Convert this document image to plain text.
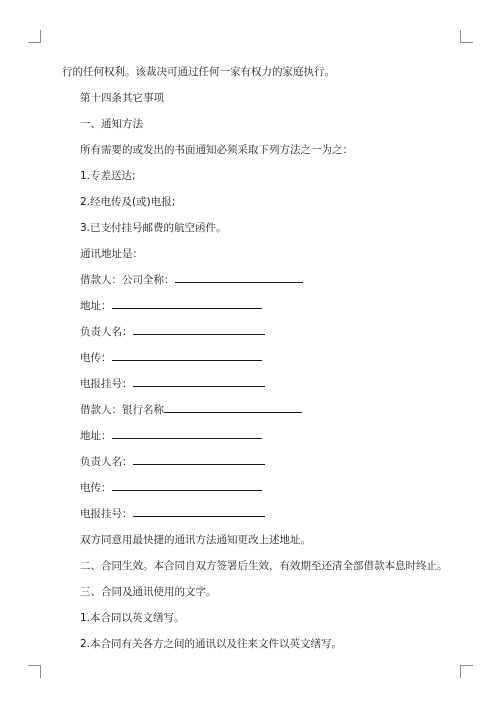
行的任何权利。该裁决可通过任何一家有权力的家庭执行。
第十四条其它事项
一、通知方法
所有需要的或发出的书面通知必须采取下列方法之一为之：
1.专差送达;
2.经电传及(或)电报;
3.已支付挂号邮费的航空函件。
通讯地址是：
借款人：公司全称：
地址：
负责人名：
电传：
电报挂号：
借款人：银行名称
地址：
负责人名：
电传：
电报挂号：
双方同意用最快捷的通讯方法通知更改上述地址。
二、合同生效。本合同自双方签署后生效，有效期至还清全部借款本息时终止。
三、合同及通讯使用的文字。
1.本合同以英文缮写。
2.本合同有关各方之间的通讯以及往来文件以英文缮写。
